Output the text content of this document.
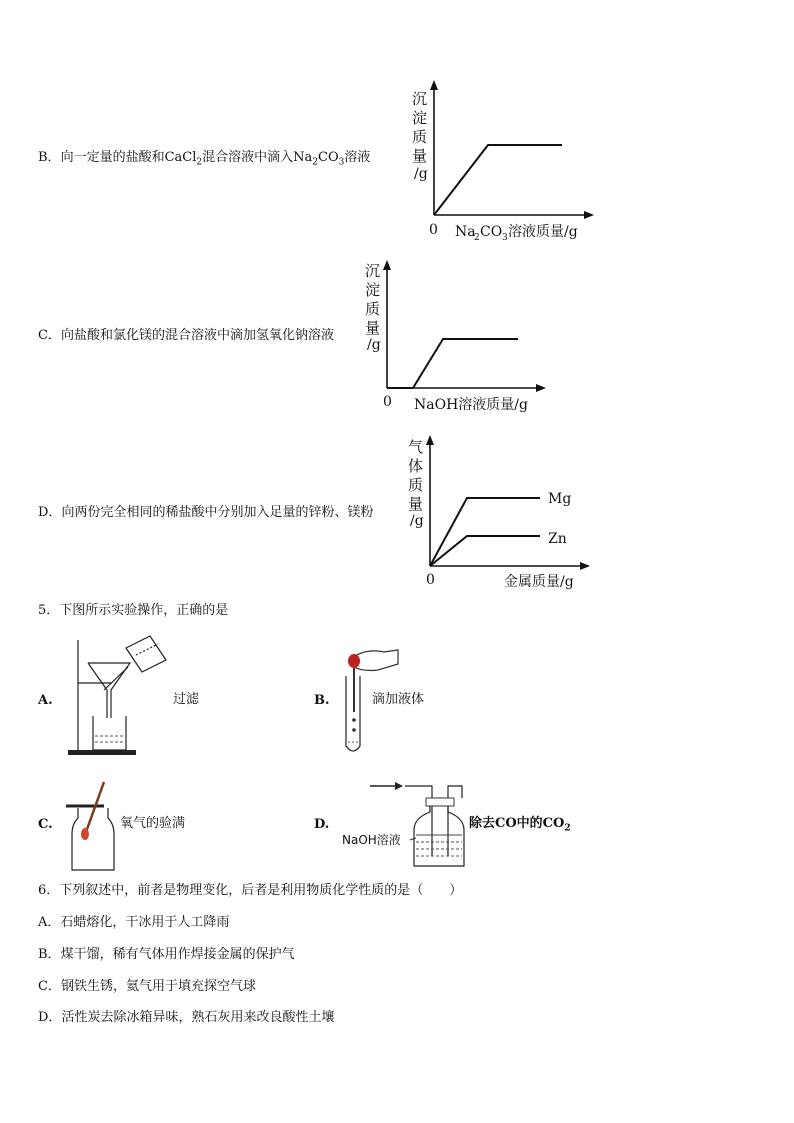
B．向一定量的盐酸和CaCl$_2$混合溶液中滴入$Na_2CO_3$溶液
沉
淀
质
量
/g
0 Na
2 CO 3 溶液质量/g
C．向盐酸和氯化镁的混合溶液中滴加氢氧化钠溶液
沉
淀
质
量
/g
0 NaOH溶液质量/g
D．向两份完全相同的稀盐酸中分别加入足量的锌粉、镁粉
气
体
质
量
/g
Mg
Zn
0	金属质量/g
5．下图所示实验操作，正确的是
A.	过滤	B.	滴加液体
C.	氧气的验满	D.	除去CO中的$CO_2$
NaOH溶液
6．下列叙述中，前者是物理变化，后者是利用物质化学性质的是（　　）
A．石蜡熔化，干冰用于人工降雨
B．煤干馏，稀有气体用作焊接金属的保护气
C．钢铁生锈，氦气用于填充探空气球
D．活性炭去除冰箱异味，熟石灰用来改良酸性土壤
